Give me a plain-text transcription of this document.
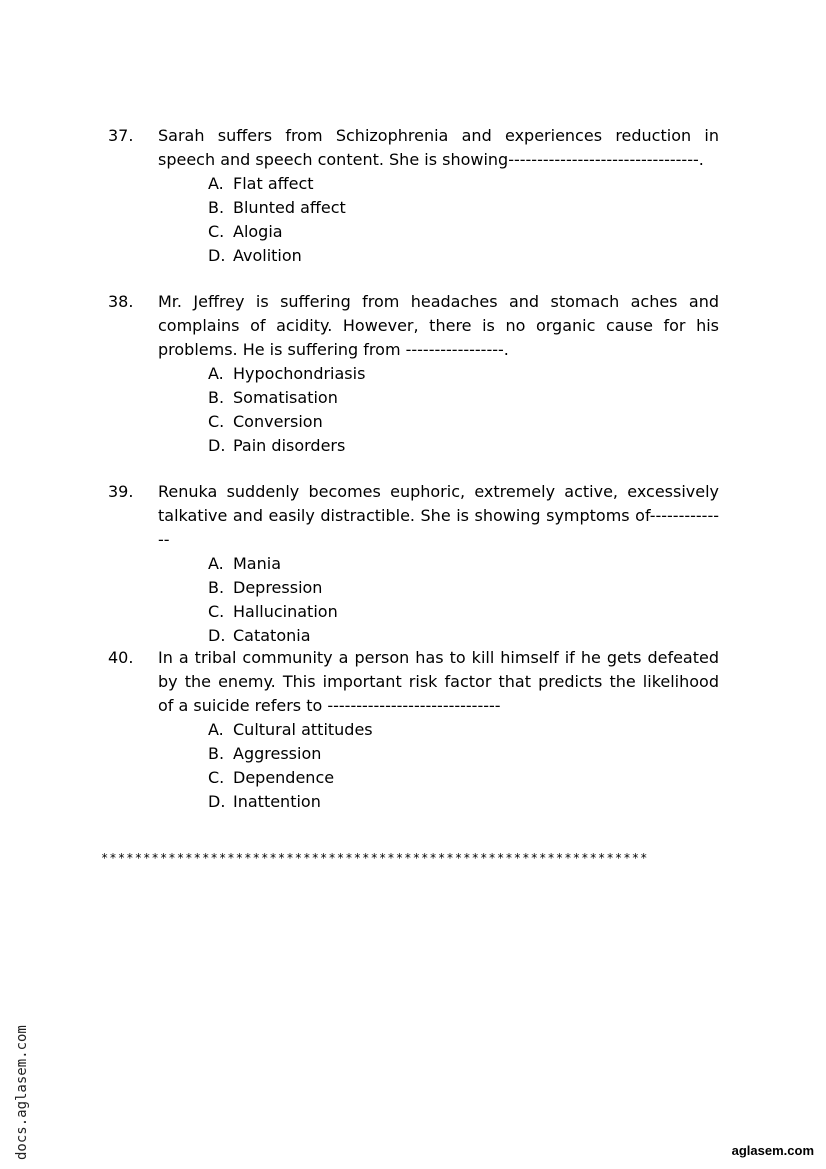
37. Sarah suffers from Schizophrenia and experiences reduction in speech and speech content. She is showing---------------------------------.
A. Flat affect
B. Blunted affect
C. Alogia
D. Avolition
38. Mr. Jeffrey is suffering from headaches and stomach aches and complains of acidity. However, there is no organic cause for his problems. He is suffering from -----------------.
A. Hypochondriasis
B. Somatisation
C. Conversion
D. Pain disorders
39. Renuka suddenly becomes euphoric, extremely active, excessively talkative and easily distractible. She is showing symptoms of--------------
A. Mania
B. Depression
C. Hallucination
D. Catatonia
40. In a tribal community a person has to kill himself if he gets defeated by the enemy. This important risk factor that predicts the likelihood of a suicide refers to ------------------------------
A. Cultural attitudes
B. Aggression
C. Dependence
D. Inattention
*****************************************************************
docs.aglasem.com	aglasem.com
